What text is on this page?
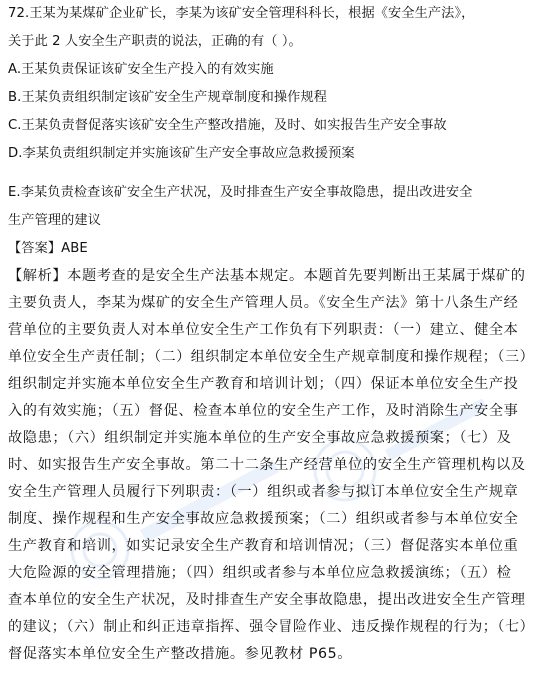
72.王某为某煤矿企业矿长，李某为该矿安全管理科科长，根据《安全生产法》，
关于此 2 人安全生产职责的说法，正确的有（ ）。
A.王某负责保证该矿安全生产投入的有效实施
B.王某负责组织制定该矿安全生产规章制度和操作规程
C.王某负责督促落实该矿安全生产整改措施，及时、如实报告生产安全事故
D.李某负责组织制定并实施该矿生产安全事故应急救援预案
E.李某负责检查该矿安全生产状况，及时排查生产安全事故隐患，提出改进安全
生产管理的建议
【答案】ABE
【解析】本题考查的是安全生产法基本规定。本题首先要判断出王某属于煤矿的
主要负责人，李某为煤矿的安全生产管理人员。《安全生产法》第十八条生产经
营单位的主要负责人对本单位安全生产工作负有下列职责：（一）建立、健全本
单位安全生产责任制；（二）组织制定本单位安全生产规章制度和操作规程；（三）
组织制定并实施本单位安全生产教育和培训计划；（四）保证本单位安全生产投
入的有效实施；（五）督促、检查本单位的安全生产工作，及时消除生产安全事
故隐患；（六）组织制定并实施本单位的生产安全事故应急救援预案；（七）及
时、如实报告生产安全事故。第二十二条生产经营单位的安全生产管理机构以及
安全生产管理人员履行下列职责：（一）组织或者参与拟订本单位安全生产规章
制度、操作规程和生产安全事故应急救援预案；（二）组织或者参与本单位安全
生产教育和培训，如实记录安全生产教育和培训情况；（三）督促落实本单位重
大危险源的安全管理措施；（四）组织或者参与本单位应急救援演练；（五）检
查本单位的安全生产状况，及时排查生产安全事故隐患，提出改进安全生产管理
的建议；（六）制止和纠正违章指挥、强令冒险作业、违反操作规程的行为；（七）
督促落实本单位安全生产整改措施。参见教材 P65。
